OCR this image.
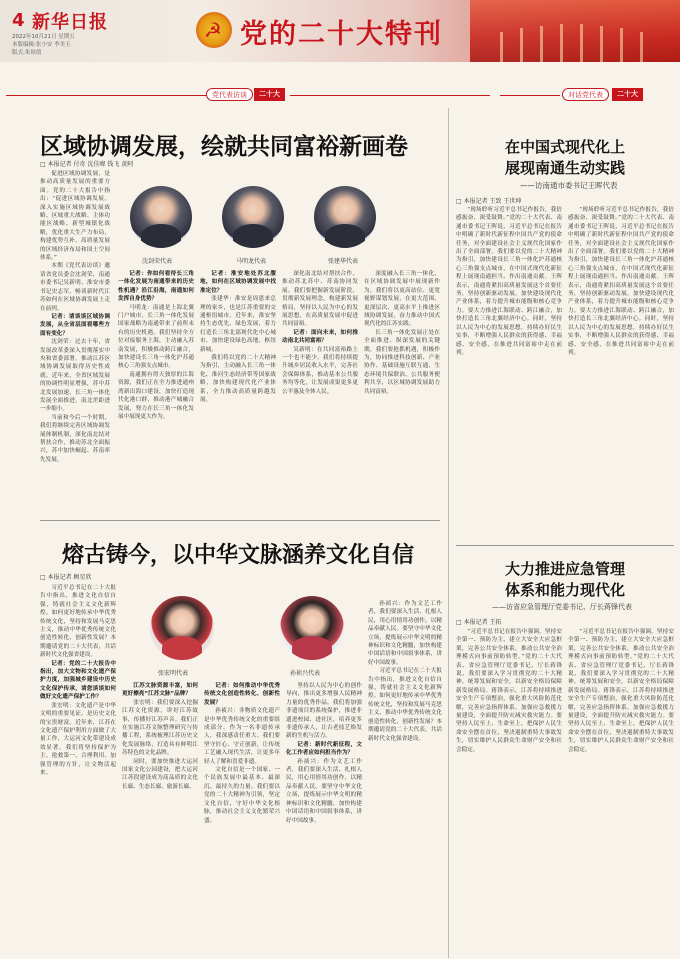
4 新华日报
2022年10月21日 星期五
本版编辑:张小安 李美玉
版式:朱琼倩
☭ 党的二十大特刊
党代表访谈	二十大	对话党代表	二十大
区域协调发展，绘就共同富裕新画卷
□ 本报记者 付奇 沈佳暐 钱飞 黄阿

促进区域协调发展，是推动高质量发展的重要方面。党的二十大报告中指出：“促进区域协调发展。深入实施区域协调发展战略、区域重大战略、主体功能区战略、新型城镇化战略，优化重大生产力布局，构建优势互补、高质量发展的区域经济布局和国土空间体系。”

本期《党代表访谈》邀请省党员委会沈剑荣、南通市委书记吴新明、淮安市委书记史志军，畅谈新时代江苏如何在区域协调发展上走在前列。

记者：请谈谈区域协调发展，从全省层面看哪些方面有变化？

沈剑荣：过去十年，省发展改革委深入贯彻落实中央和省委部署，推动江苏区域协调发展取得历史性成就。近年来，全省区域发展的协调性明显增强，苏中苏北发展加速，长三角一体化发展全面推进，南北差距进一步缩小。

当前和今后一个时期，我们将继续完善区域协调发展体制机制，深化南北结对帮扶合作，推动苏北全面振兴，苏中加快崛起、苏南率先发展。

沈剑荣代表	马明龙代表	张建华代表

记者：你如何看待长三角一体化发展为南通带来的历史性机遇？沿江沿海，南通如何发挥自身优势？

马明龙：南通是上海北翼门户城市，长三角一体化发展国家战略为南通带来了前所未有的历史机遇。我们坚持全方位对接服务上海，主动融入苏南发展，积极推动跨江融合，加快建设长三角一体化沪苏通核心三角强支点城市。

南通拥有得天独厚的江海资源，我们正在全力推进通州湾新出海口建设，加快打造现代化港口群，推动港产城融合发展，努力在长三角一体化发展中展现更大作为。

记者：淮安地处苏北腹地，如何在区域协调发展中找准定位？

张建华：淮安是周恩来总理的家乡，也是江苏重要的交通枢纽城市。近年来，淮安坚持生态优先、绿色发展，着力打造长三角北部现代化中心城市，加快建设绿色高地、枢纽新城。

我们将以党的二十大精神为指引，主动融入长三角一体化、淮河生态经济带等国家战略，加快构建现代化产业体系，全力推动高质量跨越发展。

深化南北结对帮扶合作，推动苏北苏中、苏南协同发展。我们要把握新发展阶段，贯彻新发展理念，构建新发展格局，坚持以人民为中心的发展思想，在高质量发展中促进共同富裕。

记者：面向未来，如何推动南北共同富裕？

吴新明：在共同富裕路上一个也不能少。我们将持续提升城乡居民收入水平，完善社会保障体系，推动基本公共服务均等化，让发展成果更多更公平惠及全体人民。

深度融入长三角一体化，在区域协调发展中展现新作为。我们将以更高站位、更宽视野谋划发展，在更大范围、更深层次、更高水平上推进区域协调发展，奋力推动中国式现代化的江苏实践。

长三角一体化发展正处在全面推进、纵深发展的关键期，我们要抢抓机遇，积极作为，协同推进科技创新、产业协作、基础设施互联互通、生态环境共保联治、公共服务便利共享，以区域协调发展助力共同富裕。

熔古铸今，以中华文脉涵养文化自信
□ 本报记者 顾星欣

习近平总书记在二十大报告中指出，推进文化自信自强，铸就社会主义文化新辉煌。如何更好地传承中华优秀传统文化，坚持和发展马克思主义，推动中华优秀传统文化创造性转化、创新性发展？本期邀请党的二十大代表，共话新时代文化强省建设。

记者：党的二十大报告中指出，加大文物和文化遗产保护力度，加强城乡建设中历史文化保护传承，请您谈谈如何做好文化遗产保护工作？

张宏明：文化遗产是中华文明的重要见证，是历史文化的宝贵财富。近年来，江苏在文化遗产保护利用方面做了大量工作，大运河文化带建设成效显著。我们将坚持保护为主、抢救第一、合理利用、加强管理的方针，让文物活起来。

张宏明代表	孙祯兴代表

江苏文脉资源丰富，如何更好擦亮“江苏文脉”品牌？

张宏明：我们要深入挖掘江苏文化资源，讲好江苏故事，传播好江苏声音。我们正在实施江苏文脉整理研究与传播工程，系统梳理江苏历史文化发展脉络，打造具有鲜明江苏特色的文化品牌。

同时，要加快推进大运河国家文化公园建设，把大运河江苏段建设成为高品质的文化长廊、生态长廊、旅游长廊。

记者：如何推动中华优秀传统文化创造性转化、创新性发展？

孙祯兴：非物质文化遗产是中华优秀传统文化的重要组成部分。作为一名非遗传承人，我深感责任重大。我们要坚守匠心、守正创新，让传统工艺融入现代生活，让更多年轻人了解和喜爱非遗。

文化自信是一个国家、一个民族发展中最基本、最深沉、最持久的力量。我们要以党的二十大精神为引领，坚定文化自信，守好中华文化根脉，推动社会主义文化繁荣兴盛。

坚持以人民为中心的创作导向，推出更多增强人民精神力量的优秀作品。我们将加强非遗项目的系统保护，推进非遗进校园、进社区，培养更多非遗传承人，让古老技艺焕发新的生机与活力。

记者：新时代新征程，文化工作者应如何担当作为？

孙祯兴：作为文艺工作者，我们要深入生活、扎根人民，用心用情用功创作，以精品奉献人民。要坚守中华文化立场，提炼展示中华文明的精神标识和文化精髓，加快构建中国话语和中国叙事体系，讲好中国故事。

孙祯兴：作为文艺工作者，我们要深入生活、扎根人民，用心用情用功创作，以精品奉献人民。要坚守中华文化立场，提炼展示中华文明的精神标识和文化精髓，加快构建中国话语和中国叙事体系，讲好中国故事。

习近平总书记在二十大报告中指出，推进文化自信自强，铸就社会主义文化新辉煌。如何更好地传承中华优秀传统文化，坚持和发展马克思主义，推动中华优秀传统文化创造性转化、创新性发展？本期邀请党的二十大代表，共话新时代文化强省建设。

在中国式现代化上
展现南通生动实践
——访南通市委书记王晖代表
□ 本报记者 王致 王世坤

“现场聆听习近平总书记作报告，我倍感振奋、深受鼓舞。”党的二十大代表、南通市委书记王晖说，习近平总书记在报告中明确了新时代新征程中国共产党的使命任务，对全面建设社会主义现代化国家作出了全面部署。我们要以党的二十大精神为指引，加快建设长三角一体化沪苏通核心三角强支点城市，在中国式现代化新征程上展现南通担当、作出南通贡献。王晖表示，南通将紧扣高质量发展这个首要任务，坚持创新驱动发展，加快建设现代化产业体系，着力提升城市能级和核心竞争力。要大力推进江海联动、跨江融合，加快打造长三角北翼经济中心。同时，坚持以人民为中心的发展思想，持续办好民生实事，不断增强人民群众的获得感、幸福感、安全感，在推进共同富裕中走在前列。

“现场聆听习近平总书记作报告，我倍感振奋、深受鼓舞。”党的二十大代表、南通市委书记王晖说，习近平总书记在报告中明确了新时代新征程中国共产党的使命任务，对全面建设社会主义现代化国家作出了全面部署。我们要以党的二十大精神为指引，加快建设长三角一体化沪苏通核心三角强支点城市，在中国式现代化新征程上展现南通担当、作出南通贡献。王晖表示，南通将紧扣高质量发展这个首要任务，坚持创新驱动发展，加快建设现代化产业体系，着力提升城市能级和核心竞争力。要大力推进江海联动、跨江融合，加快打造长三角北翼经济中心。同时，坚持以人民为中心的发展思想，持续办好民生实事，不断增强人民群众的获得感、幸福感、安全感，在推进共同富裕中走在前列。

大力推进应急管理
体系和能力现代化
——访省应急管理厅党委书记、厅长蒋锋代表
□ 本报记者 王拓

“习近平总书记在报告中强调，坚持安全第一、预防为主，建立大安全大应急框架，完善公共安全体系，推动公共安全治理模式向事前预防转型。”党的二十大代表、省应急管理厅党委书记、厅长蒋锋说，我们要深入学习贯彻党的二十大精神，统筹发展和安全，以新安全格局保障新发展格局。蒋锋表示，江苏将持续推进安全生产专项整治，强化重大风险防范化解，完善应急指挥体系，加强应急救援力量建设，全面提升防灾减灾救灾能力。要坚持人民至上、生命至上，把保护人民生命安全摆在首位，坚决遏制重特大事故发生，切实维护人民群众生命财产安全和社会稳定。

“习近平总书记在报告中强调，坚持安全第一、预防为主，建立大安全大应急框架，完善公共安全体系，推动公共安全治理模式向事前预防转型。”党的二十大代表、省应急管理厅党委书记、厅长蒋锋说，我们要深入学习贯彻党的二十大精神，统筹发展和安全，以新安全格局保障新发展格局。蒋锋表示，江苏将持续推进安全生产专项整治，强化重大风险防范化解，完善应急指挥体系，加强应急救援力量建设，全面提升防灾减灾救灾能力。要坚持人民至上、生命至上，把保护人民生命安全摆在首位，坚决遏制重特大事故发生，切实维护人民群众生命财产安全和社会稳定。
